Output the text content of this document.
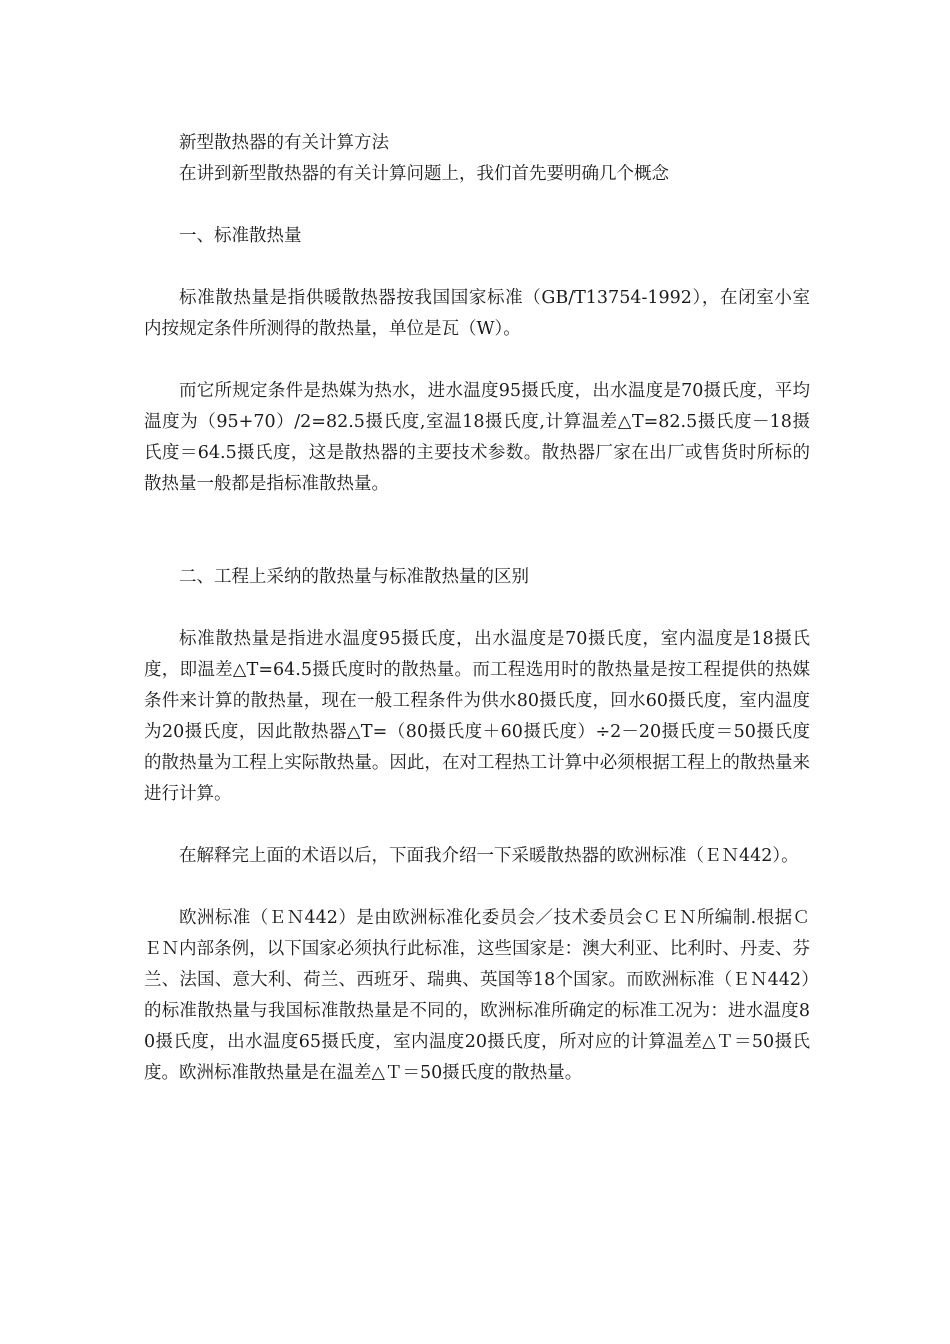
新型散热器的有关计算方法

在讲到新型散热器的有关计算问题上，我们首先要明确几个概念

一、标准散热量

标准散热量是指供暖散热器按我国国家标准（GB/T13754-1992），在闭室小室内按规定条件所测得的散热量，单位是瓦（W）。

而它所规定条件是热媒为热水，进水温度95摄氏度，出水温度是70摄氏度，平均温度为（95+70）/2=82.5摄氏度,室温18摄氏度,计算温差△T=82.5摄氏度－18摄氏度＝64.5摄氏度，这是散热器的主要技术参数。散热器厂家在出厂或售货时所标的散热量一般都是指标准散热量。

二、工程上采纳的散热量与标准散热量的区别

标准散热量是指进水温度95摄氏度，出水温度是70摄氏度，室内温度是18摄氏度，即温差△T=64.5摄氏度时的散热量。而工程选用时的散热量是按工程提供的热媒条件来计算的散热量，现在一般工程条件为供水80摄氏度，回水60摄氏度，室内温度为20摄氏度，因此散热器△T=（80摄氏度＋60摄氏度）÷2－20摄氏度＝50摄氏度的散热量为工程上实际散热量。因此，在对工程热工计算中必须根据工程上的散热量来进行计算。

在解释完上面的术语以后，下面我介绍一下采暖散热器的欧洲标准（ＥＮ442）。

欧洲标准（ＥＮ442）是由欧洲标准化委员会／技术委员会ＣＥＮ所编制.根据ＣＥＮ内部条例，以下国家必须执行此标准，这些国家是：澳大利亚、比利时、丹麦、芬兰、法国、意大利、荷兰、西班牙、瑞典、英国等18个国家。而欧洲标准（ＥＮ442）的标准散热量与我国标准散热量是不同的，欧洲标准所确定的标准工况为：进水温度80摄氏度，出水温度65摄氏度，室内温度20摄氏度，所对应的计算温差△Ｔ＝50摄氏度。欧洲标准散热量是在温差△Ｔ＝50摄氏度的散热量。
